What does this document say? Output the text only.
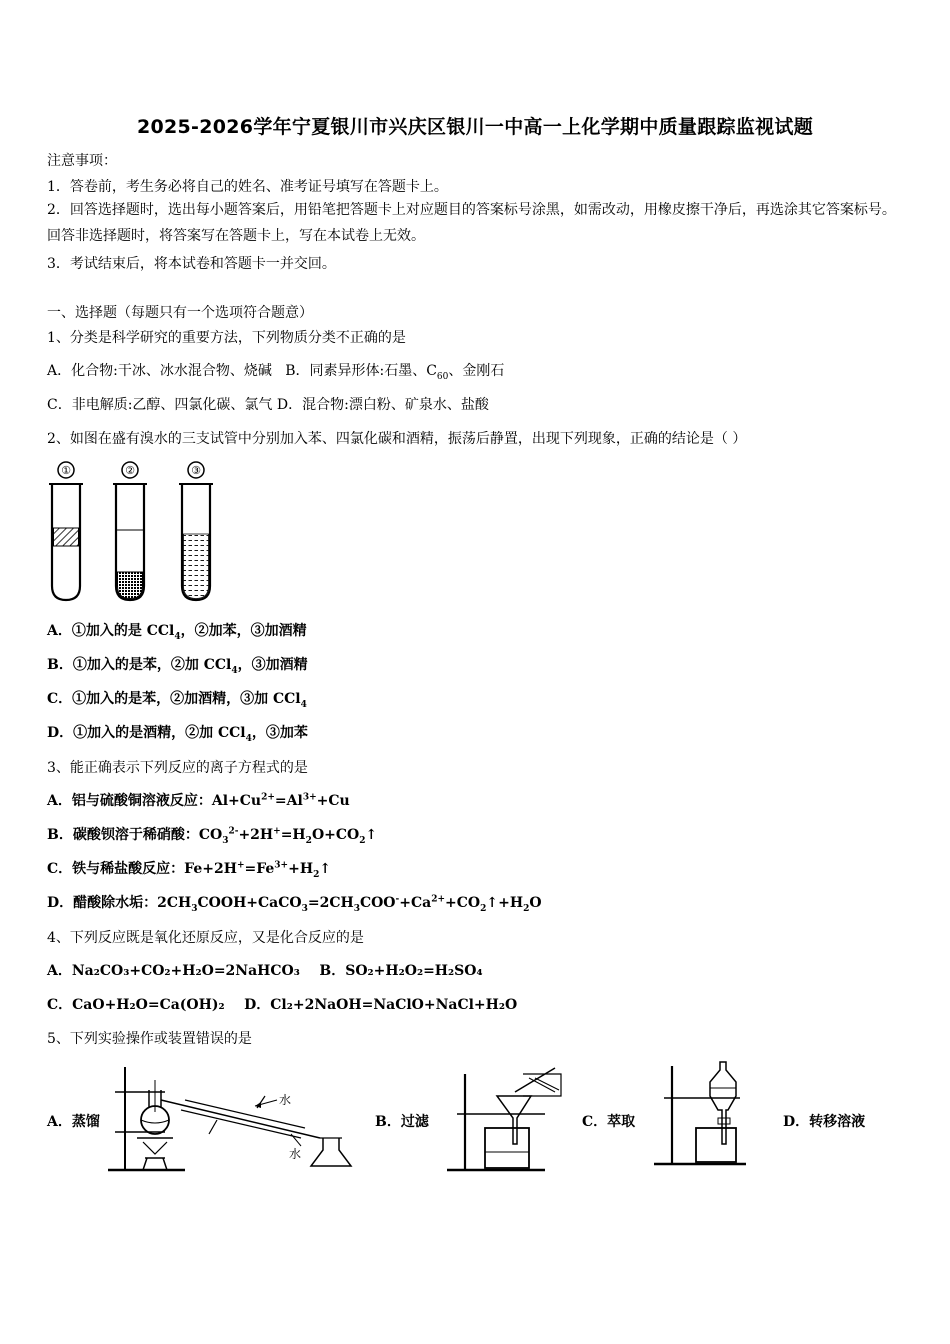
2025-2026学年宁夏银川市兴庆区银川一中高一上化学期中质量跟踪监视试题
注意事项：
1．答卷前，考生务必将自己的姓名、准考证号填写在答题卡上。
2．回答选择题时，选出每小题答案后，用铅笔把答题卡上对应题目的答案标号涂黑，如需改动，用橡皮擦干净后，再选涂其它答案标号。回答非选择题时，将答案写在答题卡上，写在本试卷上无效。
3．考试结束后，将本试卷和答题卡一并交回。
一、选择题（每题只有一个选项符合题意）
1、分类是科学研究的重要方法，下列物质分类不正确的是
A．化合物:干冰、冰水混合物、烧碱 B．同素异形体:石墨、$C_{60}$、金刚石
C．非电解质:乙醇、四氯化碳、氯气 D．混合物:漂白粉、矿泉水、盐酸
2、如图在盛有溴水的三支试管中分别加入苯、四氯化碳和酒精，振荡后静置，出现下列现象，正确的结论是（ ）
①	②	③
A．①加入的是 CCl$_4$，②加苯，③加酒精
B．①加入的是苯，②加 CCl$_4$，③加酒精
C．①加入的是苯，②加酒精，③加 CCl$_4$
D．①加入的是酒精，②加 CCl$_4$，③加苯
3、能正确表示下列反应的离子方程式的是
A．铝与硫酸铜溶液反应：$Al+Cu^{2+}=Al^{3+}+Cu$
B．碳酸钡溶于稀硝酸：$CO_3^{2-}+2H^+=H_2O+CO_2↑$
C．铁与稀盐酸反应：$Fe+2H^+=Fe^{3+}+H_2↑$
D．醋酸除水垢：$2CH_3COOH+CaCO_3=2CH_3COO^-+Ca^{2+}+CO_2↑+H_2O$
4、下列反应既是氧化还原反应，又是化合反应的是
A．Na₂CO₃+CO₂+H₂O=2NaHCO₃ B．SO₂+H₂O₂=H₂SO₄
C．CaO+H₂O=Ca(OH)₂ D．Cl₂+2NaOH=NaClO+NaCl+H₂O
5、下列实验操作或装置错误的是
A．蒸馏
水
水
B．过滤	C．萃取	D．转移溶液
